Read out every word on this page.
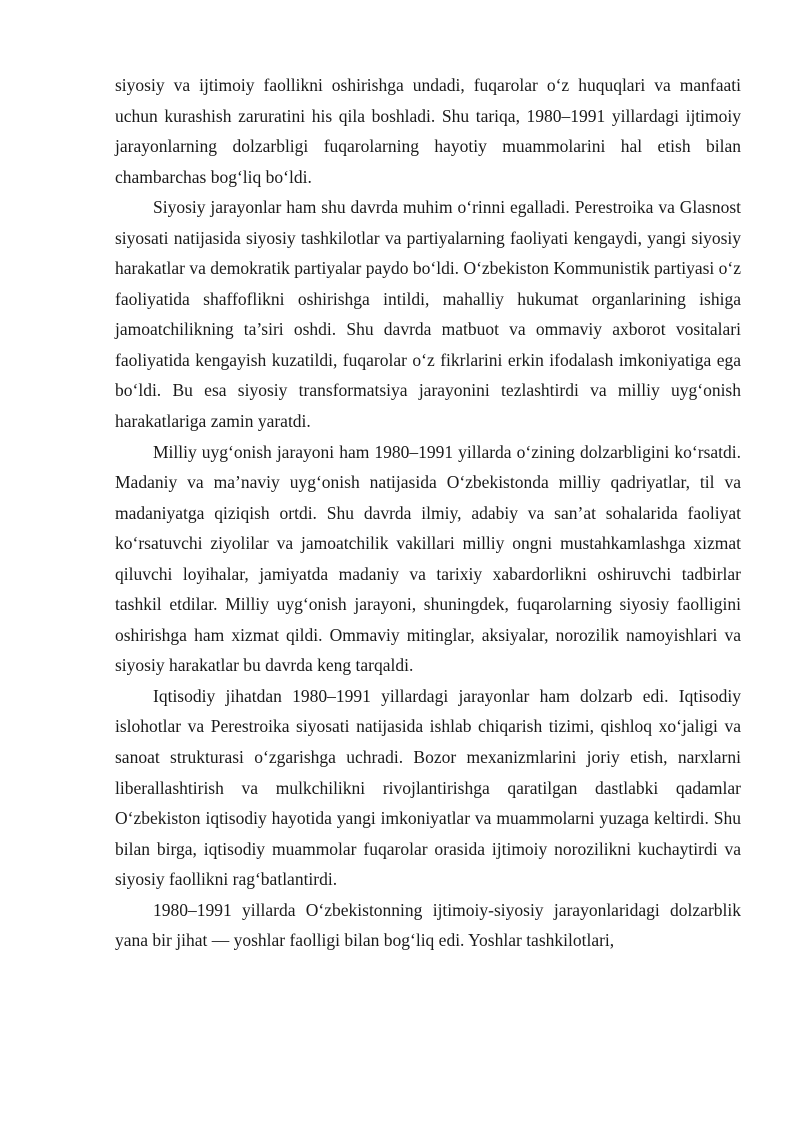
siyosiy va ijtimoiy faollikni oshirishga undadi, fuqarolar o‘z huquqlari va manfaati uchun kurashish zaruratini his qila boshladi. Shu tariqa, 1980–1991 yillardagi ijtimoiy jarayonlarning dolzarbligi fuqarolarning hayotiy muammolarini hal etish bilan chambarchas bog‘liq bo‘ldi.

Siyosiy jarayonlar ham shu davrda muhim o‘rinni egalladi. Perestroika va Glasnost siyosati natijasida siyosiy tashkilotlar va partiyalarning faoliyati kengaydi, yangi siyosiy harakatlar va demokratik partiyalar paydo bo‘ldi. O‘zbekiston Kommunistik partiyasi o‘z faoliyatida shaffoflikni oshirishga intildi, mahalliy hukumat organlarining ishiga jamoatchilikning ta’siri oshdi. Shu davrda matbuot va ommaviy axborot vositalari faoliyatida kengayish kuzatildi, fuqarolar o‘z fikrlarini erkin ifodalash imkoniyatiga ega bo‘ldi. Bu esa siyosiy transformatsiya jarayonini tezlashtirdi va milliy uyg‘onish harakatlariga zamin yaratdi.

Milliy uyg‘onish jarayoni ham 1980–1991 yillarda o‘zining dolzarbligini ko‘rsatdi. Madaniy va ma’naviy uyg‘onish natijasida O‘zbekistonda milliy qadriyatlar, til va madaniyatga qiziqish ortdi. Shu davrda ilmiy, adabiy va san’at sohalarida faoliyat ko‘rsatuvchi ziyolilar va jamoatchilik vakillari milliy ongni mustahkamlashga xizmat qiluvchi loyihalar, jamiyatda madaniy va tarixiy xabardorlikni oshiruvchi tadbirlar tashkil etdilar. Milliy uyg‘onish jarayoni, shuningdek, fuqarolarning siyosiy faolligini oshirishga ham xizmat qildi. Ommaviy mitinglar, aksiyalar, norozilik namoyishlari va siyosiy harakatlar bu davrda keng tarqaldi.

Iqtisodiy jihatdan 1980–1991 yillardagi jarayonlar ham dolzarb edi. Iqtisodiy islohotlar va Perestroika siyosati natijasida ishlab chiqarish tizimi, qishloq xo‘jaligi va sanoat strukturasi o‘zgarishga uchradi. Bozor mexanizmlarini joriy etish, narxlarni liberallashtirish va mulkchilikni rivojlantirishga qaratilgan dastlabki qadamlar O‘zbekiston iqtisodiy hayotida yangi imkoniyatlar va muammolarni yuzaga keltirdi. Shu bilan birga, iqtisodiy muammolar fuqarolar orasida ijtimoiy norozilikni kuchaytirdi va siyosiy faollikni rag‘batlantirdi.

1980–1991 yillarda O‘zbekistonning ijtimoiy-siyosiy jarayonlaridagi dolzarblik yana bir jihat — yoshlar faolligi bilan bog‘liq edi. Yoshlar tashkilotlari,
